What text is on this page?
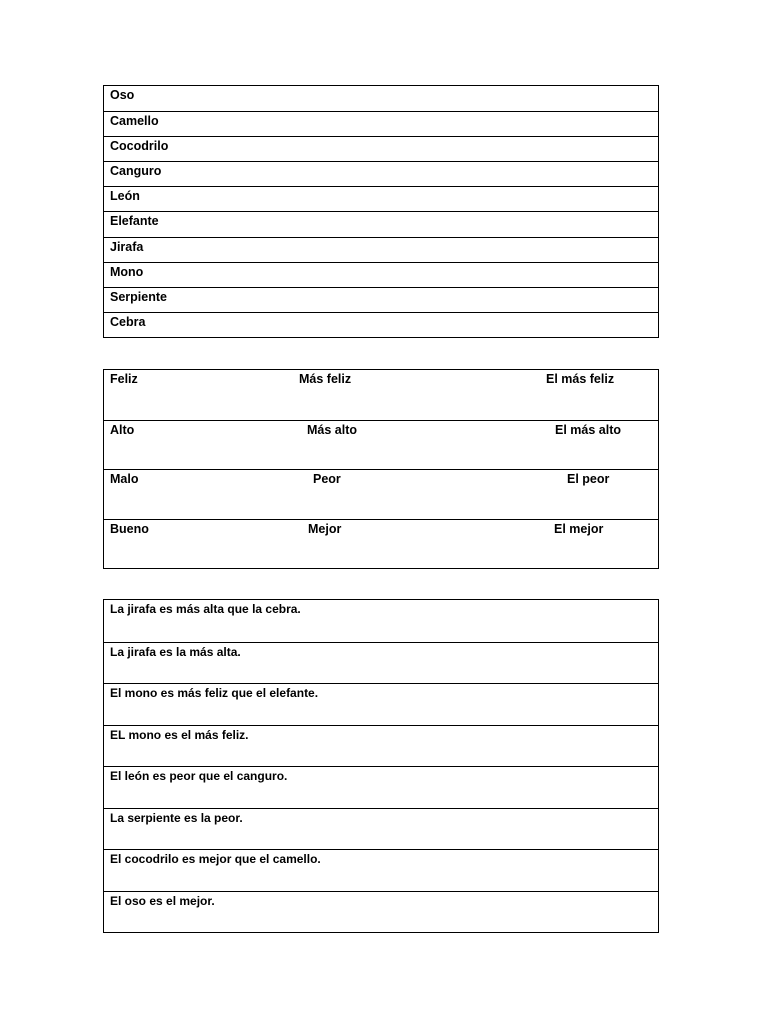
Oso
Camello
Cocodrilo
Canguro
León
Elefante
Jirafa
Mono
Serpiente
Cebra
Feliz	Más feliz	El más feliz
Alto	Más alto	El más alto
Malo	Peor	El peor
Bueno	Mejor	El mejor
La jirafa es más alta que la cebra.
La jirafa es la más alta.
El mono es más feliz que el elefante.
EL mono es el más feliz.
El león es peor que el canguro.
La serpiente es la peor.
El cocodrilo es mejor que el camello.
El oso es el mejor.
